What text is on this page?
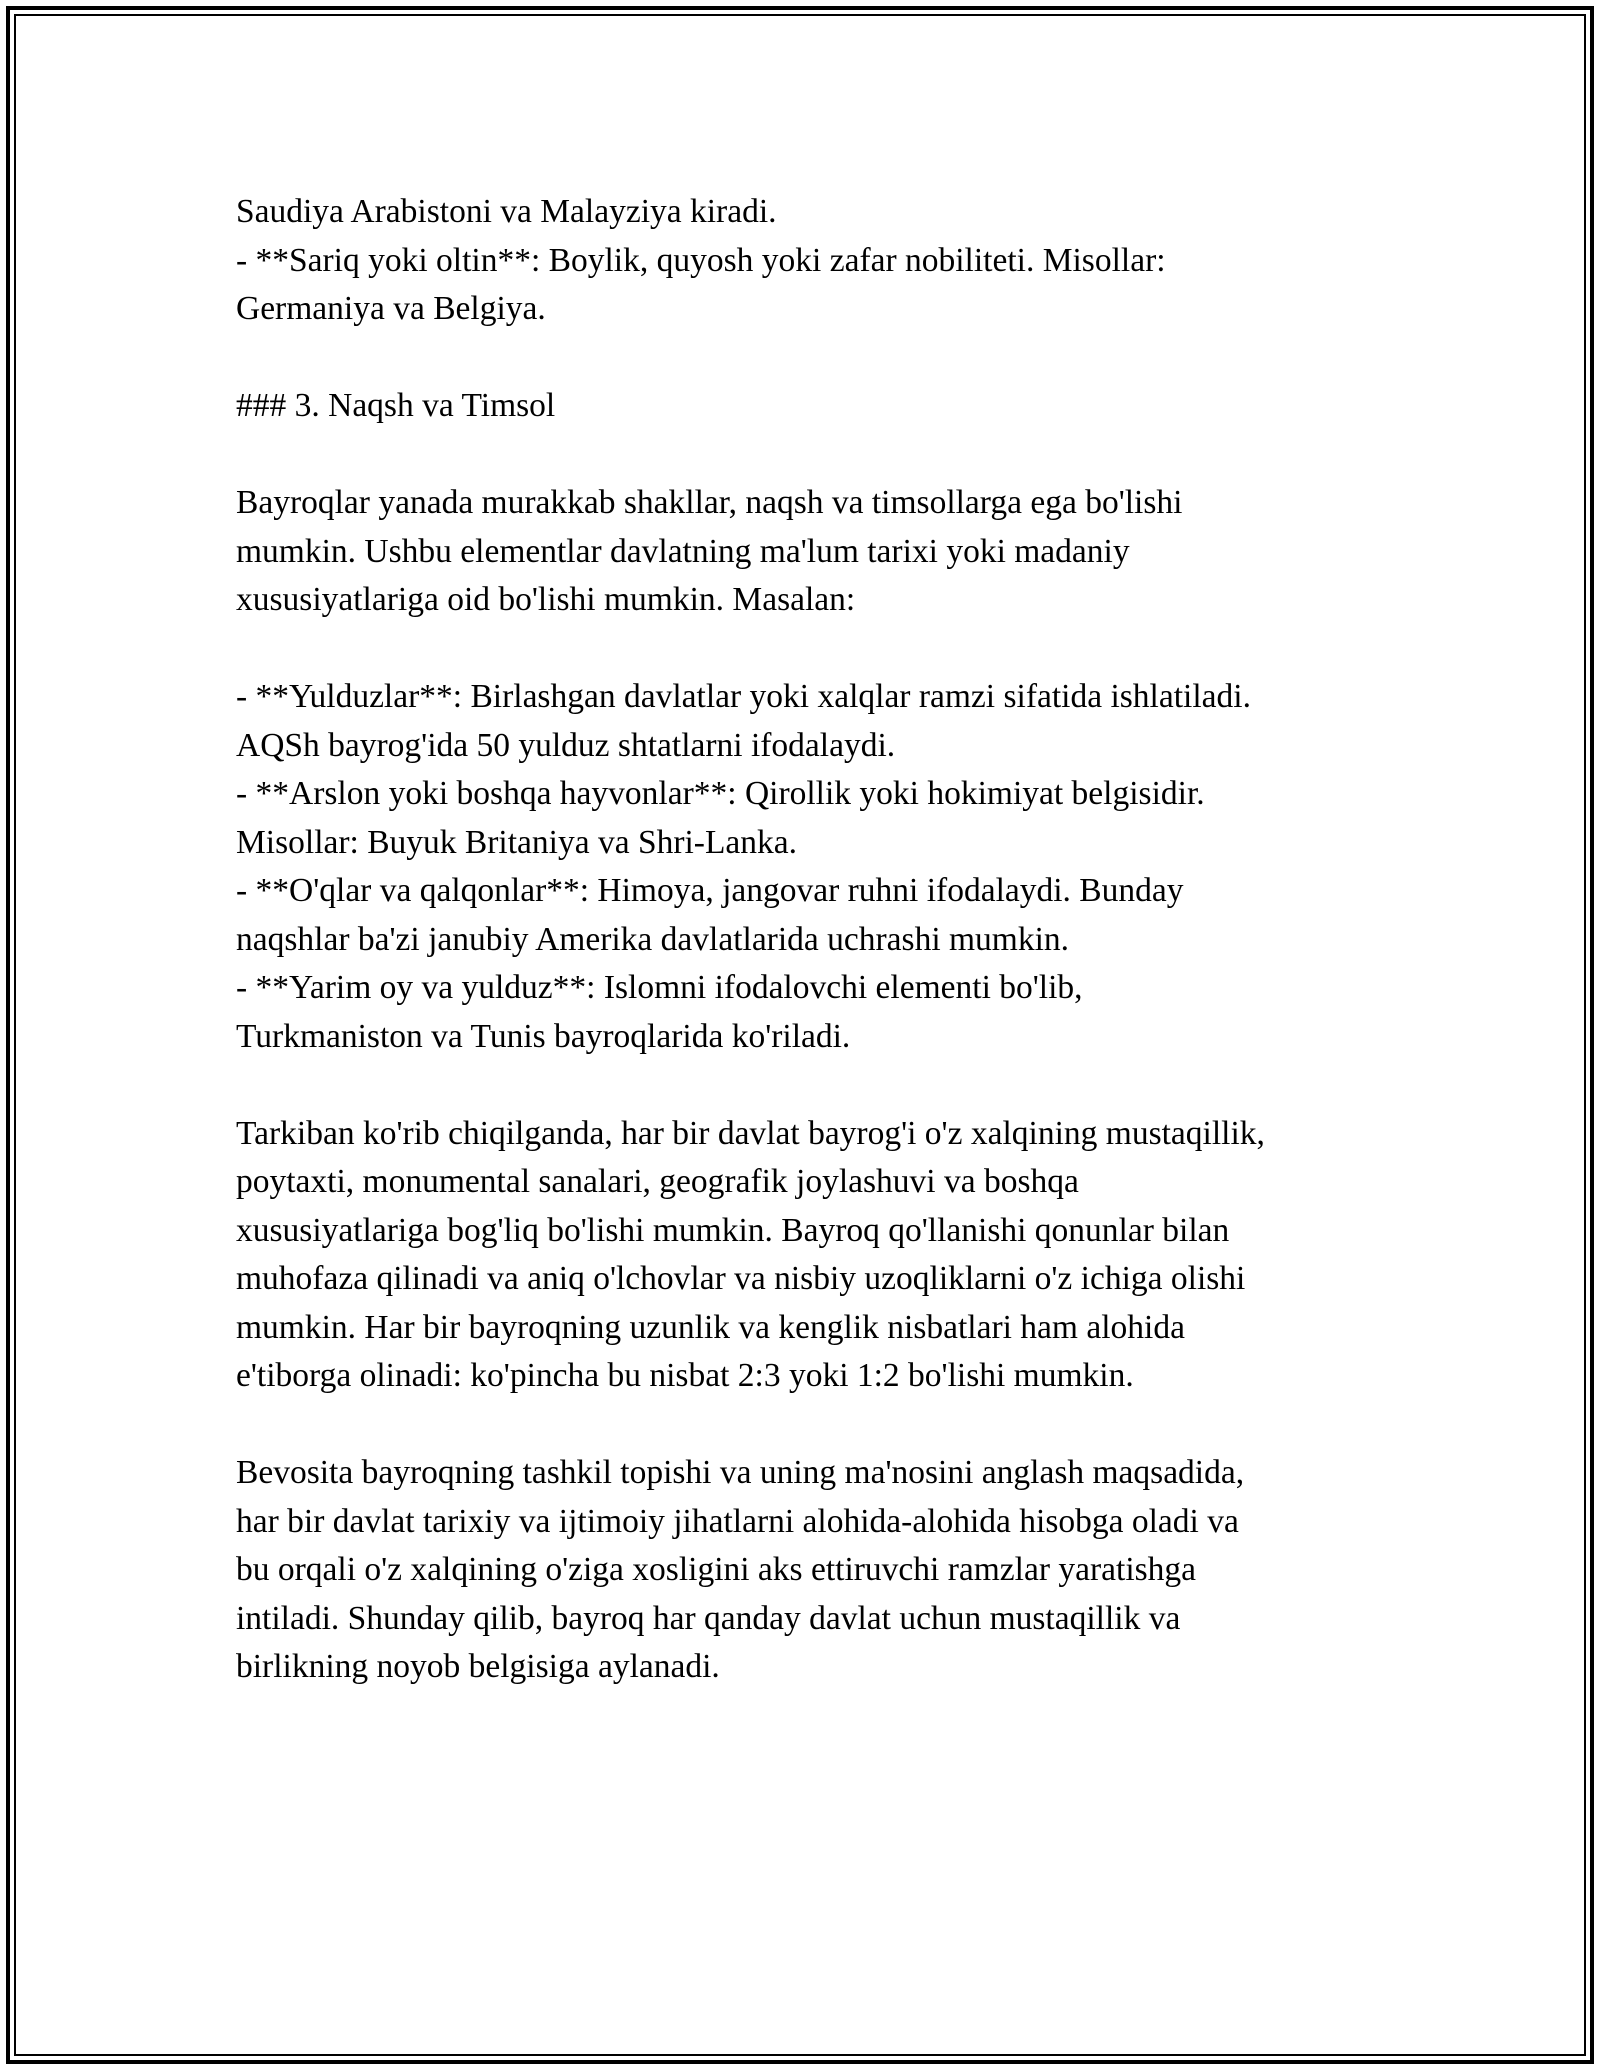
Saudiya Arabistoni va Malayziya kiradi.
- **Sariq yoki oltin**: Boylik, quyosh yoki zafar nobiliteti. Misollar:
Germaniya va Belgiya.
### 3. Naqsh va Timsol
Bayroqlar yanada murakkab shakllar, naqsh va timsollarga ega bo'lishi
mumkin. Ushbu elementlar davlatning ma'lum tarixi yoki madaniy
xususiyatlariga oid bo'lishi mumkin. Masalan:
- **Yulduzlar**: Birlashgan davlatlar yoki xalqlar ramzi sifatida ishlatiladi.
AQSh bayrog'ida 50 yulduz shtatlarni ifodalaydi.
- **Arslon yoki boshqa hayvonlar**: Qirollik yoki hokimiyat belgisidir.
Misollar: Buyuk Britaniya va Shri-Lanka.
- **O'qlar va qalqonlar**: Himoya, jangovar ruhni ifodalaydi. Bunday
naqshlar ba'zi janubiy Amerika davlatlarida uchrashi mumkin.
- **Yarim oy va yulduz**: Islomni ifodalovchi elementi bo'lib,
Turkmaniston va Tunis bayroqlarida ko'riladi.
Tarkiban ko'rib chiqilganda, har bir davlat bayrog'i o'z xalqining mustaqillik,
poytaxti, monumental sanalari, geografik joylashuvi va boshqa
xususiyatlariga bog'liq bo'lishi mumkin. Bayroq qo'llanishi qonunlar bilan
muhofaza qilinadi va aniq o'lchovlar va nisbiy uzoqliklarni o'z ichiga olishi
mumkin. Har bir bayroqning uzunlik va kenglik nisbatlari ham alohida
e'tiborga olinadi: ko'pincha bu nisbat 2:3 yoki 1:2 bo'lishi mumkin.
Bevosita bayroqning tashkil topishi va uning ma'nosini anglash maqsadida,
har bir davlat tarixiy va ijtimoiy jihatlarni alohida-alohida hisobga oladi va
bu orqali o'z xalqining o'ziga xosligini aks ettiruvchi ramzlar yaratishga
intiladi. Shunday qilib, bayroq har qanday davlat uchun mustaqillik va
birlikning noyob belgisiga aylanadi.
